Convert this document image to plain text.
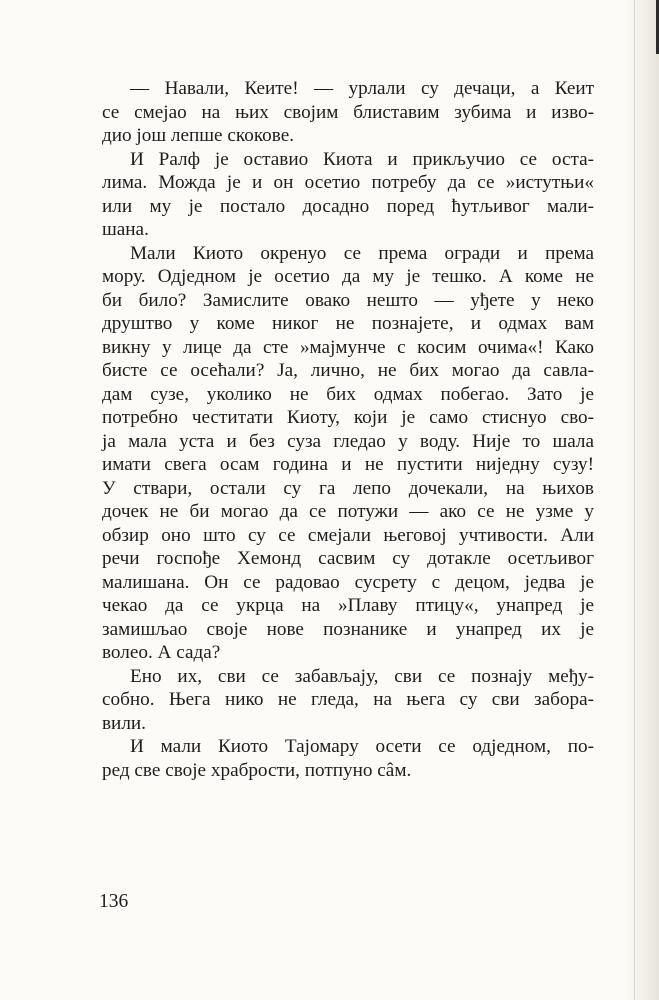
— Навали, Кеите! — урлали су дечаци, а Кеит
се смејао на њих својим блиставим зубима и изво-
дио још лепше скокове.
И Ралф је оставио Киота и прикључио се оста-
лима. Можда је и он осетио потребу да се »истутњи«
или му је постало досадно поред ћутљивог мали-
шана.
Мали Киото окренуо се према огради и према
мору. Одједном је осетио да му је тешко. А коме не
би било? Замислите овако нешто — уђете у неко
друштво у коме никог не познајете, и одмах вам
викну у лице да сте »мајмунче с косим очима«! Како
бисте се осећали? Ја, лично, не бих могао да савла-
дам сузе, уколико не бих одмах побегао. Зато је
потребно честитати Киоту, који је само стиснуо сво-
ја мала уста и без суза гледао у воду. Није то шала
имати свега осам година и не пустити ниједну сузу!
У ствари, остали су га лепо дочекали, на њихов
дочек не би могао да се потужи — ако се не узме у
обзир оно што су се смејали његовој учтивости. Али
речи госпође Хемонд сасвим су дотакле осетљивог
малишана. Он се радовао сусрету с децом, једва је
чекао да се укрца на »Плаву птицу«, унапред је
замишљао своје нове познанике и унапред их је
волео. А сада?
Ено их, сви се забављају, сви се познају међу-
собно. Њега нико не гледа, на њега су сви заборa-
вили.
И мали Киото Тајомару осети се одједном, по-
ред све своје храбрости, потпуно сâм.
136
